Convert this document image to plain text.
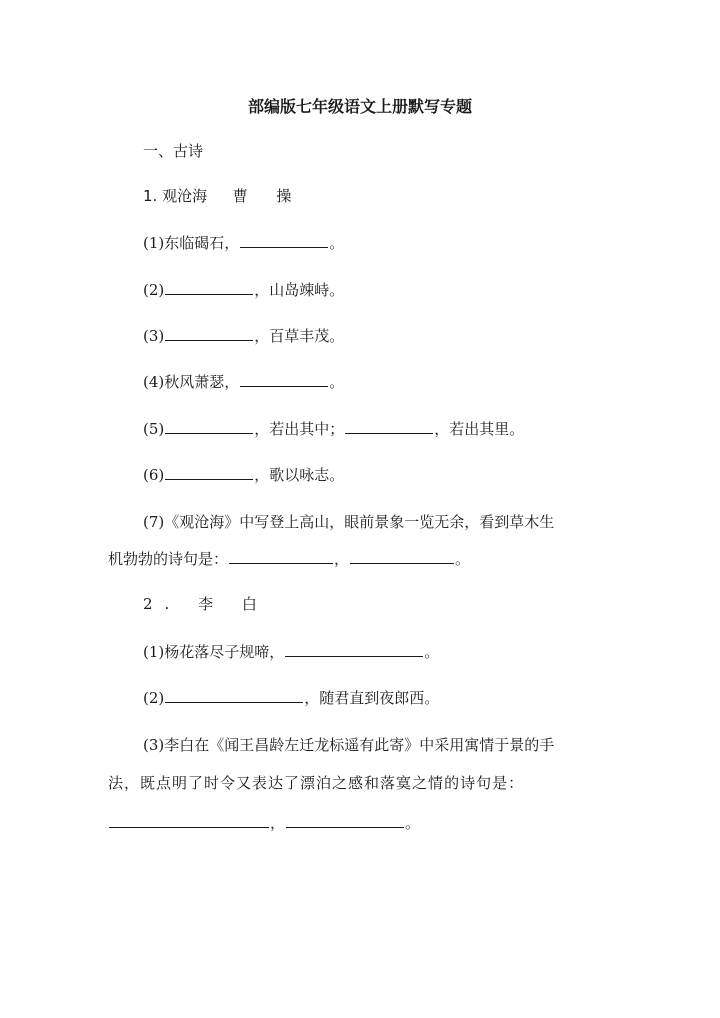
部编版七年级语文上册默写专题
一、古诗
1. 观沧海 曹 操
(1)东临碣石，	。
(2)	，山岛竦峙。
(3)	，百草丰茂。
(4)秋风萧瑟，	。
(5)	，若出其中；	，若出其里。
(6)	，歌以咏志。
(7)《观沧海》中写登上高山，眼前景象一览无余，看到草木生
机勃勃的诗句是：	，	。
2. 李 白
(1)杨花落尽子规啼，	。
(2)	，随君直到夜郎西。
(3)李白在《闻王昌龄左迁龙标遥有此寄》中采用寓情于景的手
法，既点明了时令又表达了漂泊之感和落寞之情的诗句是：
，	。
